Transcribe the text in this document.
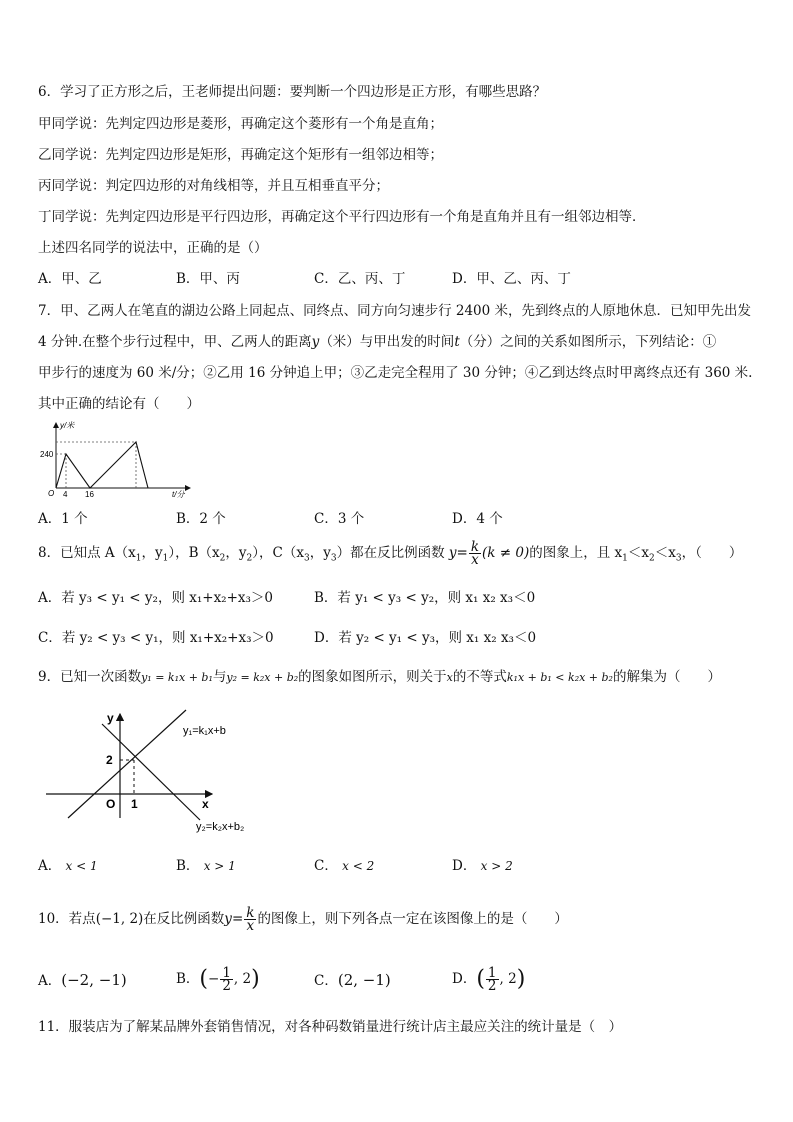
6．学习了正方形之后，王老师提出问题：要判断一个四边形是正方形，有哪些思路？
甲同学说：先判定四边形是菱形，再确定这个菱形有一个角是直角；
乙同学说：先判定四边形是矩形，再确定这个矩形有一组邻边相等；
丙同学说：判定四边形的对角线相等，并且互相垂直平分；
丁同学说：先判定四边形是平行四边形，再确定这个平行四边形有一个角是直角并且有一组邻边相等．
上述四名同学的说法中，正确的是（）
A．甲、乙	B．甲、丙	C．乙、丙、丁	D．甲、乙、丙、丁
7．甲、乙两人在笔直的湖边公路上同起点、同终点、同方向匀速步行 2400 米，先到终点的人原地休息．已知甲先出发
4 分钟.在整个步行过程中，甲、乙两人的距离y（米）与甲出发的时间t（分）之间的关系如图所示，下列结论：①
甲步行的速度为 60 米/分；②乙用 16 分钟追上甲；③乙走完全程用了 30 分钟；④乙到达终点时甲离终点还有 360 米.
其中正确的结论有（　　）
y/米
240
O 4 16	t/分
A．1 个	B．2 个	C．3 个	D．4 个
8．已知点 $A(x_1$，$y_1$），$B(x_2$，$y_2$），$C(x_3$，$y_3$）都在反比例函数 $y= \frac{k}{x} (k \ne 0)$的图象上，且 $x_1<x_2<x_3$，（　　）
A．若 y₃ < y₁ < y₂，则 x₁+x₂+x₃＞0	B．若 y₁ < y₃ < y₂，则 x₁ x₂ x₃＜0
C．若 y₂ < y₃ < y₁，则 x₁+x₂+x₃＞0	D．若 y₂ < y₁ < y₃，则 x₁ x₂ x₃＜0
9．已知一次函数y₁ = k₁x + b₁与y₂ = k₂x + b₂的图象如图所示，则关于x的不等式k₁x + b₁ < k₂x + b₂的解集为（　　）
y
x
O 1
2
y₁=k₁x+b
y₂=k₂x+b₂
A． x < 1	B． x > 1	C． x < 2	D． x > 2
10．若点(−1, 2)在反比例函数$y= \frac{k}{x}$ 的图像上，则下列各点一定在该图像上的是（　　）
A．(−2, −1)	B．(− $\frac{1}{2}$ , 2)	C．(2, −1)	D．( $\frac{1}{2}$ , 2)
11．服装店为了解某品牌外套销售情况，对各种码数销量进行统计店主最应关注的统计量是（　）
